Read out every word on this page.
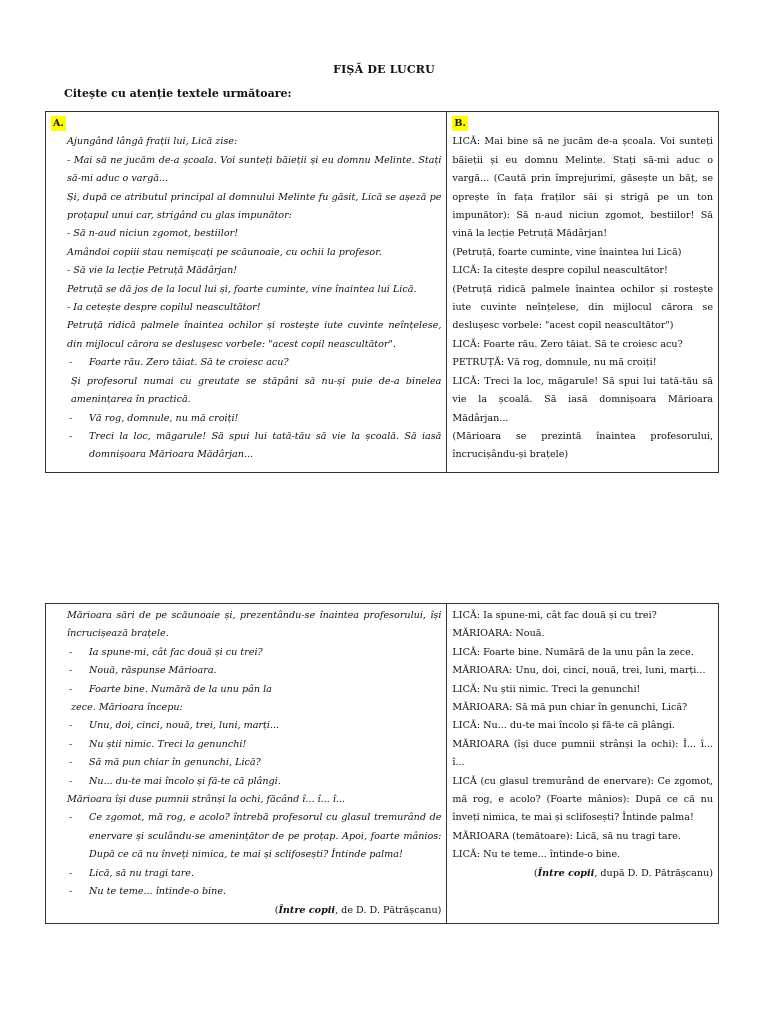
FIȘĂ DE LUCRU
Citește cu atenție textele următoare:
A.

Ajungând lângă frații lui, Lică zise:

- Mai să ne jucăm de-a școala. Voi sunteți băieții și eu domnu Melinte. Stați să-mi aduc o vargă...

Și, după ce atributul principal al domnului Melinte fu găsit, Lică se așeză pe proțapul unui car, strigând cu glas impunător:

- Să n-aud niciun zgomot, bestiilor!

Amândoi copiii stau nemișcați pe scăunoaie, cu ochii la profesor.

- Să vie la lecție Petruță Mădârjan!

Petruță se dă jos de la locul lui și, foarte cuminte, vine înaintea lui Lică.

- Ia cetește despre copilul neascultător!

Petruță ridică palmele înaintea ochilor și rostește iute cuvinte neînțelese, din mijlocul cărora se deslușesc vorbele: "acest copil neascultător".

- Foarte rău. Zero tăiat. Să te croiesc acu?

Și profesorul numai cu greutate se stăpâni să nu-și puie de-a binelea amenințarea în practică.

- Vă rog, domnule, nu mă croiți!

- Treci la loc, măgarule! Să spui lui tată-tău să vie la școală. Să iasă domnișoara Mărioara Mădârjan...

B.

LICĂ: Mai bine să ne jucăm de-a școala. Voi sunteți băieții și eu domnu Melinte. Stați să-mi aduc o vargă... (Caută prin împrejurimi, găsește un băț, se oprește în fața fraților săi și strigă pe un ton impunător): Să n-aud niciun zgomot, bestiilor! Să vină la lecție Petruță Mădârjan!

(Petruță, foarte cuminte, vine înaintea lui Lică)

LICĂ: Ia citește despre copilul neascultător!

(Petruță ridică palmele înaintea ochilor și rostește iute cuvinte neînțelese, din mijlocul cărora se deslușesc vorbele: "acest copil neascultător")

LICĂ: Foarte rău. Zero tăiat. Să te croiesc acu?

PETRUȚĂ: Vă rog, domnule, nu mă croiți!

LICĂ: Treci la loc, măgarule! Să spui lui tată-tău să vie la școală. Să iasă domnișoara Mărioara Mădârjan...

(Mărioara se prezintă înaintea profesorului, încrucișându-și brațele)

Mărioara sări de pe scăunoaie și, prezentându-se înaintea profesorului, își încrucișează brațele.

- Ia spune-mi, cât fac două și cu trei?

- Nouă, răspunse Mărioara.

- Foarte bine. Numără de la unu pân la

zece. Mărioara începu:

- Unu, doi, cinci, nouă, trei, luni, marți...

- Nu știi nimic. Treci la genunchi!

- Să mă pun chiar în genunchi, Lică?

- Nu... du-te mai încolo și fă-te că plângi.

Mărioara își duse pumnii strânși la ochi, făcând î... î... î...

- Ce zgomot, mă rog, e acolo? întrebă profesorul cu glasul tremurând de enervare și sculându-se amenințător de pe proțap. Apoi, foarte mânios: După ce că nu înveți nimica, te mai și sclifosești? Întinde palma!

- Lică, să nu tragi tare.

- Nu te teme... întinde-o bine.

(Între copii, de D. D. Pătrășcanu)

LICĂ: Ia spune-mi, cât fac două și cu trei?

MĂRIOARA: Nouă.

LICĂ: Foarte bine. Numără de la unu pân la zece.

MĂRIOARA: Unu, doi, cinci, nouă, trei, luni, marți...

LICĂ: Nu știi nimic. Treci la genunchi!

MĂRIOARA: Să mă pun chiar în genunchi, Lică?

LICĂ: Nu... du-te mai încolo și fă-te că plângi.

MĂRIOARA (își duce pumnii strânși la ochi): Î... î... î...

LICĂ (cu glasul tremurând de enervare): Ce zgomot, mă rog, e acolo? (Foarte mânios): După ce că nu înveți nimica, te mai și sclifosești? Întinde palma!

MĂRIOARA (temătoare): Lică, să nu tragi tare.

LICĂ: Nu te teme... întinde-o bine.

(Între copii, după D. D. Pătrășcanu)
